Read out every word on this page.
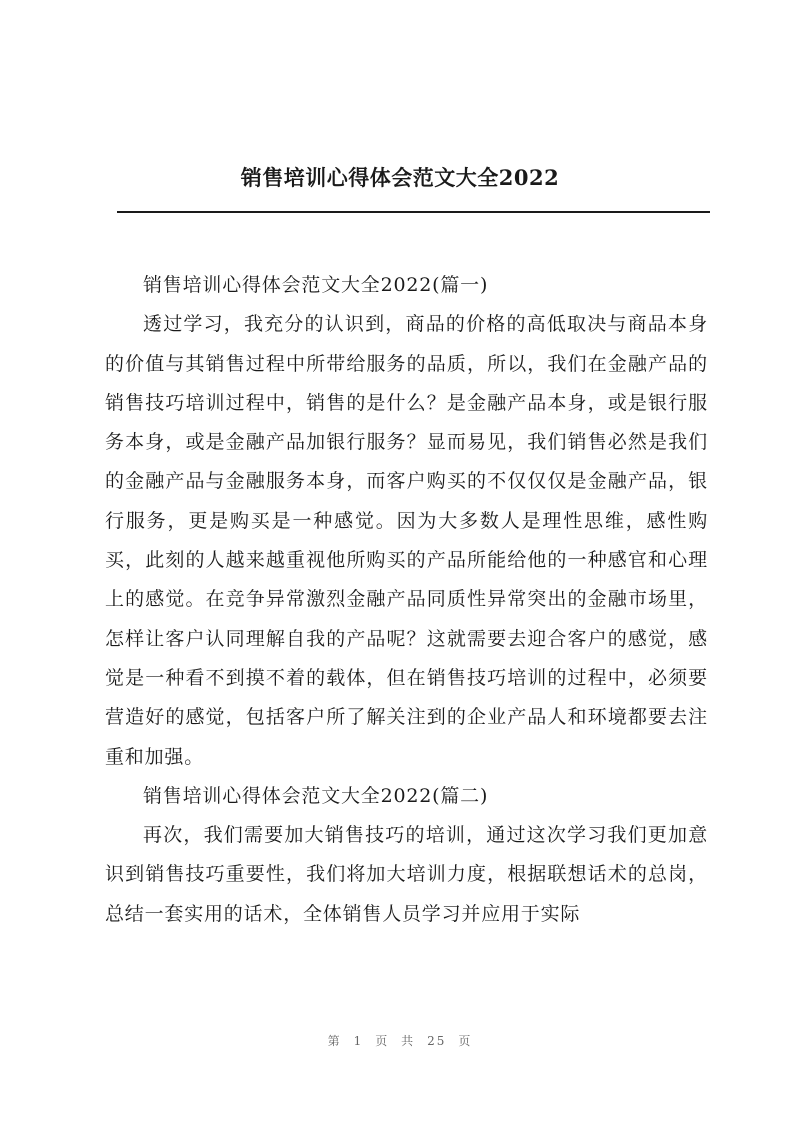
销售培训心得体会范文大全2022

销售培训心得体会范文大全2022(篇一)

透过学习，我充分的认识到，商品的价格的高低取决与商品本身的价值与其销售过程中所带给服务的品质，所以，我们在金融产品的销售技巧培训过程中，销售的是什么？是金融产品本身，或是银行服务本身，或是金融产品加银行服务？显而易见，我们销售必然是我们的金融产品与金融服务本身，而客户购买的不仅仅仅是金融产品，银行服务，更是购买是一种感觉。因为大多数人是理性思维，感性购买，此刻的人越来越重视他所购买的产品所能给他的一种感官和心理上的感觉。在竞争异常激烈金融产品同质性异常突出的金融市场里，怎样让客户认同理解自我的产品呢？这就需要去迎合客户的感觉，感觉是一种看不到摸不着的载体，但在销售技巧培训的过程中，必须要营造好的感觉，包括客户所了解关注到的企业产品人和环境都要去注重和加强。

销售培训心得体会范文大全2022(篇二)

再次，我们需要加大销售技巧的培训，通过这次学习我们更加意识到销售技巧重要性，我们将加大培训力度，根据联想话术的总岗，总结一套实用的话术，全体销售人员学习并应用于实际

第 1 页 共 25 页
